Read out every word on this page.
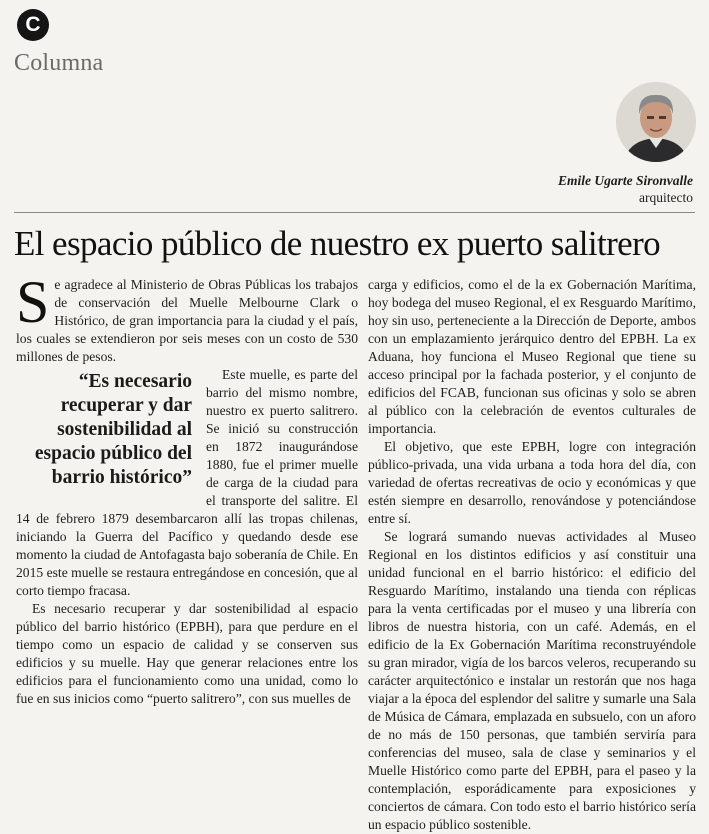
C
Columna
Emile Ugarte Sironvalle
arquitecto
El espacio público de nuestro ex puerto salitrero

Se agradece al Ministerio de Obras Públicas los trabajos de conservación del Muelle Melbourne Clark o Histórico, de gran importancia para la ciudad y el país, los cuales se extendieron por seis meses con un costo de 530 millones de pesos.

“Es necesario recuperar y dar sostenibilidad al espacio público del barrio histórico”
Este muelle, es parte del barrio del mismo nombre, nuestro ex puerto salitrero. Se inició su construcción en 1872 inaugurándose 1880, fue el primer muelle de carga de la ciudad para el transporte del salitre. El 14 de febrero 1879 desembarcaron allí las tropas chilenas, iniciando la Guerra del Pacífico y quedando desde ese momento la ciudad de Antofagasta bajo soberanía de Chile. En 2015 este muelle se restaura entregándose en concesión, que al corto tiempo fracasa.

Es necesario recuperar y dar sostenibilidad al espacio público del barrio histórico (EPBH), para que perdure en el tiempo como un espacio de calidad y se conserven sus edificios y su muelle. Hay que generar relaciones entre los edificios para el funcionamiento como una unidad, como lo fue en sus inicios como “puerto salitrero”, con sus muelles de

carga y edificios, como el de la ex Gobernación Marítima, hoy bodega del museo Regional, el ex Resguardo Marítimo, hoy sin uso, perteneciente a la Dirección de Deporte, ambos con un emplazamiento jerárquico dentro del EPBH. La ex Aduana, hoy funciona el Museo Regional que tiene su acceso principal por la fachada posterior, y el conjunto de edificios del FCAB, funcionan sus oficinas y solo se abren al público con la celebración de eventos culturales de importancia.

El objetivo, que este EPBH, logre con integración público-privada, una vida urbana a toda hora del día, con variedad de ofertas recreativas de ocio y económicas y que estén siempre en desarrollo, renovándose y potenciándose entre sí.

Se logrará sumando nuevas actividades al Museo Regional en los distintos edificios y así constituir una unidad funcional en el barrio histórico: el edificio del Resguardo Marítimo, instalando una tienda con réplicas para la venta certificadas por el museo y una librería con libros de nuestra historia, con un café. Además, en el edificio de la Ex Gobernación Marítima reconstruyéndole su gran mirador, vigía de los barcos veleros, recuperando su carácter arquitectónico e instalar un restorán que nos haga viajar a la época del esplendor del salitre y sumarle una Sala de Música de Cámara, emplazada en subsuelo, con un aforo de no más de 150 personas, que también serviría para conferencias del museo, sala de clase y seminarios y el Muelle Histórico como parte del EPBH, para el paseo y la contemplación, esporádicamente para exposiciones y conciertos de cámara. Con todo esto el barrio histórico sería un espacio público sostenible.
